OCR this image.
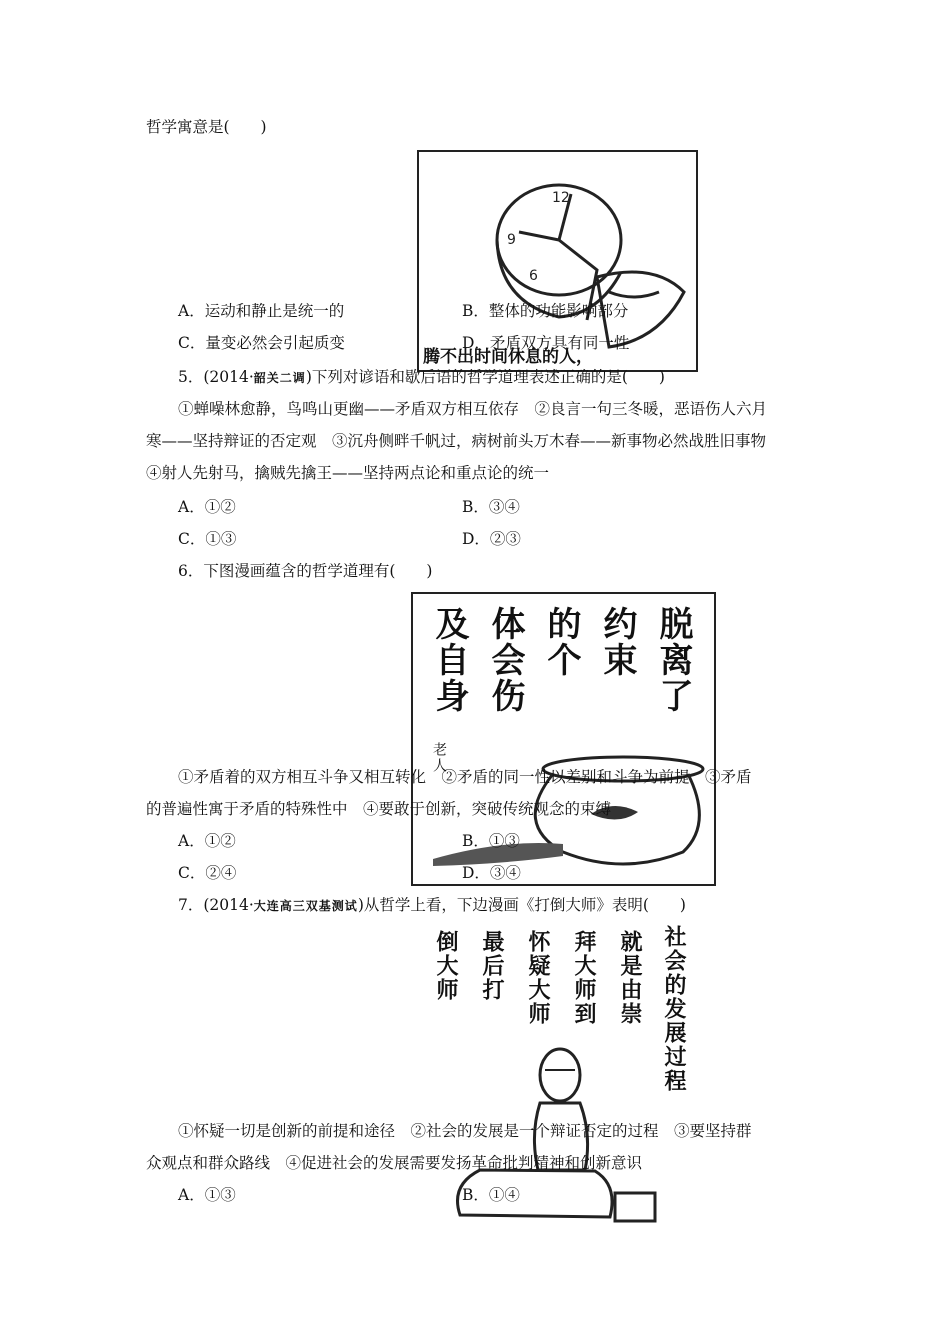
哲学寓意是(　　)
12
9
6
腾不出时间休息的人，
A．运动和静止是统一的	B．整体的功能影响部分
C．量变必然会引起质变	D．矛盾双方具有同一性
5．(2014·韶关二调)下列对谚语和歇后语的哲学道理表述正确的是(　　)
①蝉噪林愈静，鸟鸣山更幽——矛盾双方相互依存　②良言一句三冬暖，恶语伤人六月
寒——坚持辩证的否定观　③沉舟侧畔千帆过，病树前头万木春——新事物必然战胜旧事物
④射人先射马，擒贼先擒王——坚持两点论和重点论的统一
A．①②	B．③④
C．①③	D．②③
6．下图漫画蕴含的哲学道理有(　　)
脱离了
约束
的个
体会伤
及自身
老人
①矛盾着的双方相互斗争又相互转化　②矛盾的同一性以差别和斗争为前提　③矛盾
的普遍性寓于矛盾的特殊性中　④要敢于创新，突破传统观念的束缚
A．①②	B．①③
C．②④	D．③④
7．(2014·大连高三双基测试)从哲学上看，下边漫画《打倒大师》表明(　　)
社会的发展过程
就是由崇
拜大师到
怀疑大师
最后打
倒大师
①怀疑一切是创新的前提和途径　②社会的发展是一个辩证否定的过程　③要坚持群
众观点和群众路线　④促进社会的发展需要发扬革命批判精神和创新意识
A．①③	B．①④
